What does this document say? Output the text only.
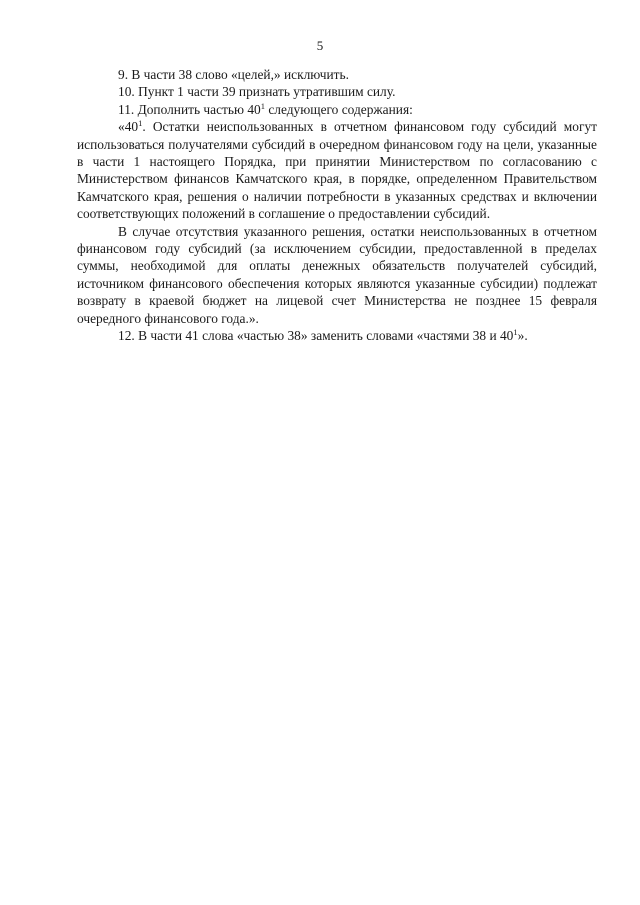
5

9. В части 38 слово «целей,» исключить.

10. Пункт 1 части 39 признать утратившим силу.

11. Дополнить частью $40^1$ следующего содержания:

«$40^1$. Остатки неиспользованных в отчетном финансовом году субсидий могут использоваться получателями субсидий в очередном финансовом году на цели, указанные в части 1 настоящего Порядка, при принятии Министерством по согласованию с Министерством финансов Камчатского края, в порядке, определенном Правительством Камчатского края, решения о наличии потребности в указанных средствах и включении соответствующих положений в соглашение о предоставлении субсидий.

В случае отсутствия указанного решения, остатки неиспользованных в отчетном финансовом году субсидий (за исключением субсидии, предоставленной в пределах суммы, необходимой для оплаты денежных обязательств получателей субсидий, источником финансового обеспечения которых являются указанные субсидии) подлежат возврату в краевой бюджет на лицевой счет Министерства не позднее 15 февраля очередного финансового года.».

12. В части 41 слова «частью 38» заменить словами «частями 38 и $40^1$».
